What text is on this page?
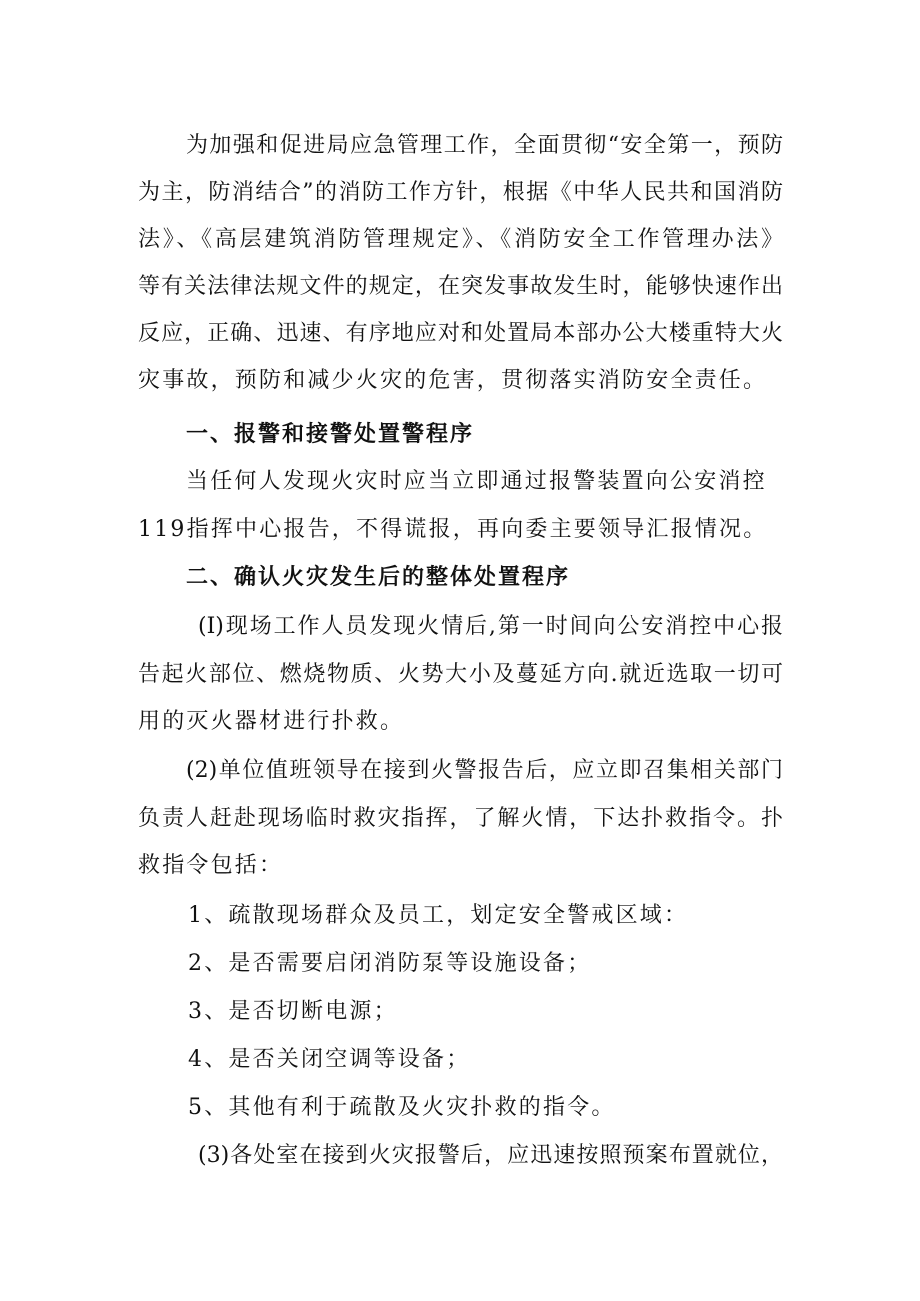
为加强和促进局应急管理工作，全面贯彻“安全第一，预防
为主，防消结合”的消防工作方针，根据《中华人民共和国消防
法》、《高层建筑消防管理规定》、《消防安全工作管理办法》
等有关法律法规文件的规定，在突发事故发生时，能够快速作出
反应，正确、迅速、有序地应对和处置局本部办公大楼重特大火
灾事故，预防和减少火灾的危害，贯彻落实消防安全责任。
一、报警和接警处置警程序
当任何人发现火灾时应当立即通过报警装置向公安消控
119指挥中心报告，不得谎报，再向委主要领导汇报情况。
二、确认火灾发生后的整体处置程序
(I)现场工作人员发现火情后,第一时间向公安消控中心报
告起火部位、燃烧物质、火势大小及蔓延方向.就近选取一切可
用的灭火器材进行扑救。
(2)单位值班领导在接到火警报告后，应立即召集相关部门
负责人赶赴现场临时救灾指挥，了解火情，下达扑救指令。扑
救指令包括：
1、疏散现场群众及员工，划定安全警戒区域：
2、是否需要启闭消防泵等设施设备；
3、是否切断电源；
4、是否关闭空调等设备；
5、其他有利于疏散及火灾扑救的指令。
(3)各处室在接到火灾报警后，应迅速按照预案布置就位，
